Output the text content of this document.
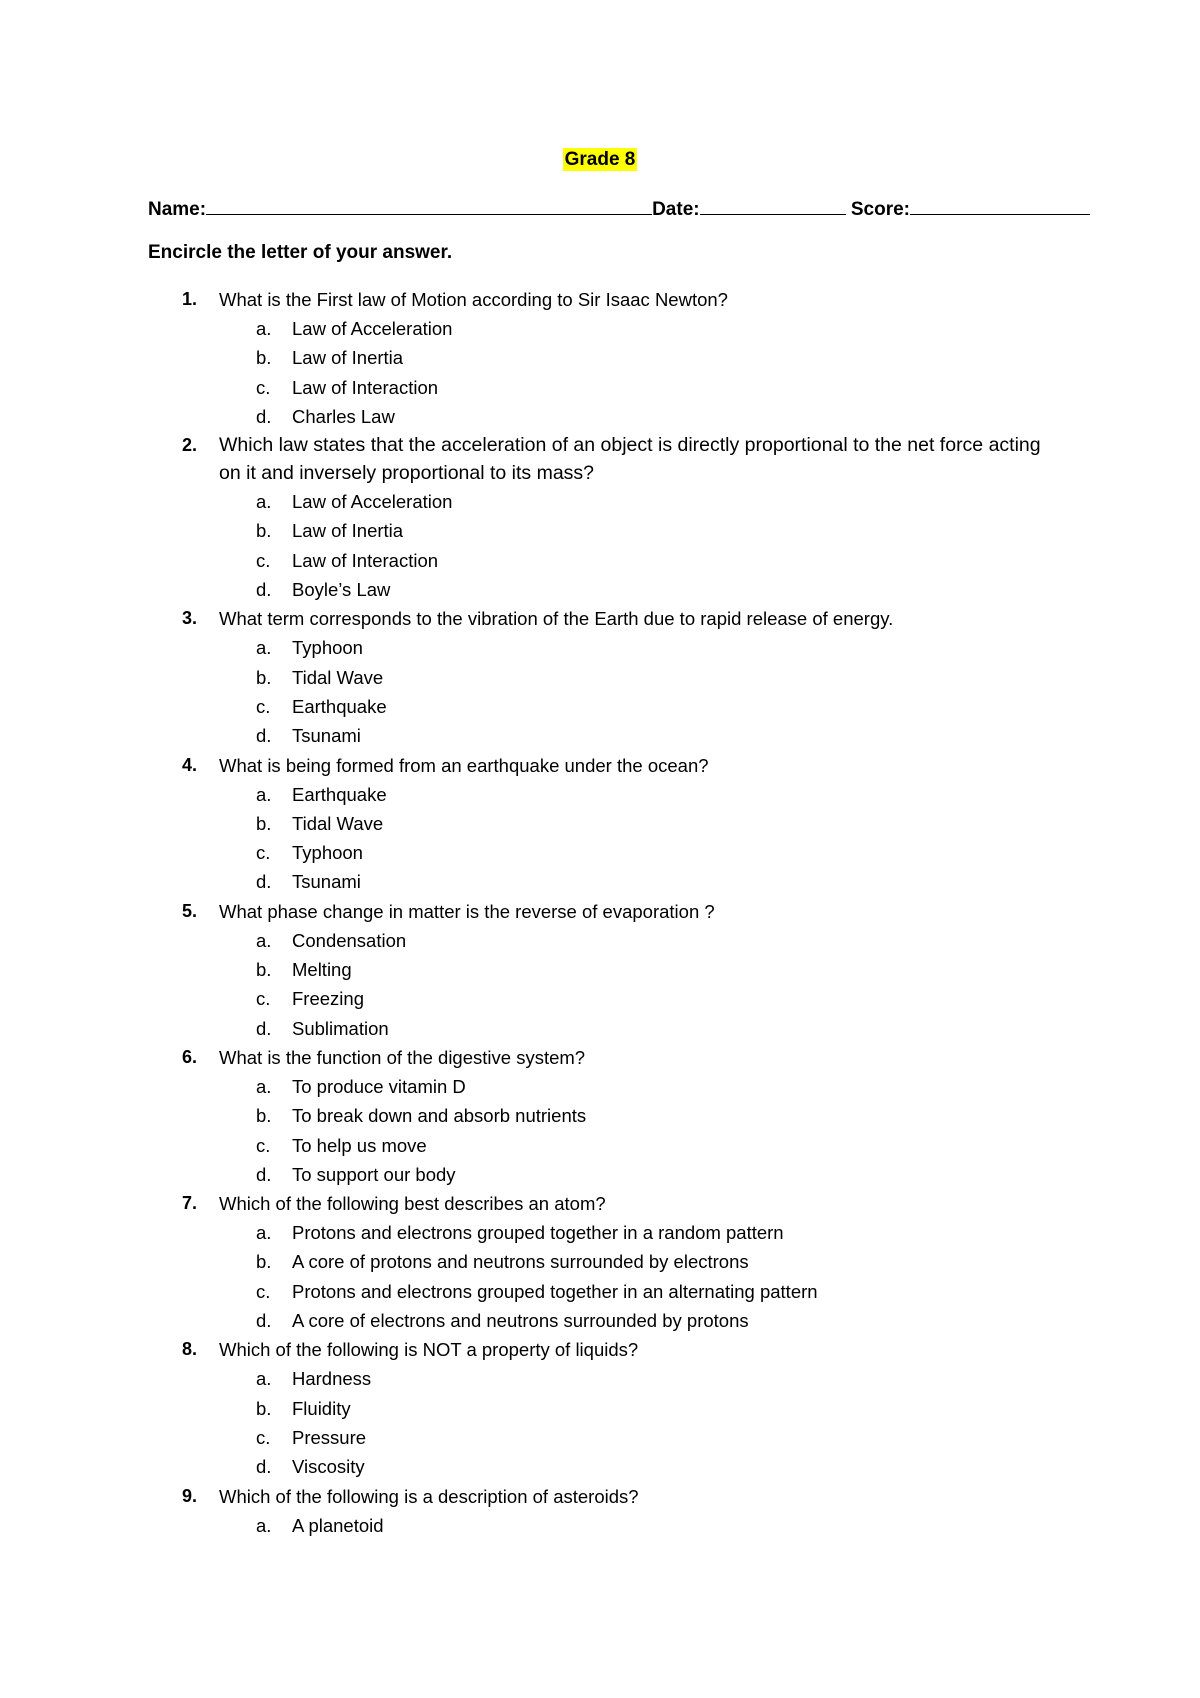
Grade 8
Name:	Date:	Score:
Encircle the letter of your answer.
1. What is the First law of Motion according to Sir Isaac Newton?
a. Law of Acceleration
b. Law of Inertia
c. Law of Interaction
d. Charles Law
2. Which law states that the acceleration of an object is directly proportional to the net force acting on it and inversely proportional to its mass?
a. Law of Acceleration
b. Law of Inertia
c. Law of Interaction
d. Boyle’s Law
3. What term corresponds to the vibration of the Earth due to rapid release of energy.
a. Typhoon
b. Tidal Wave
c. Earthquake
d. Tsunami
4. What is being formed from an earthquake under the ocean?
a. Earthquake
b. Tidal Wave
c. Typhoon
d. Tsunami
5. What phase change in matter is the reverse of evaporation ?
a. Condensation
b. Melting
c. Freezing
d. Sublimation
6. What is the function of the digestive system?
a. To produce vitamin D
b. To break down and absorb nutrients
c. To help us move
d. To support our body
7. Which of the following best describes an atom?
a. Protons and electrons grouped together in a random pattern
b. A core of protons and neutrons surrounded by electrons
c. Protons and electrons grouped together in an alternating pattern
d. A core of electrons and neutrons surrounded by protons
8. Which of the following is NOT a property of liquids?
a. Hardness
b. Fluidity
c. Pressure
d. Viscosity
9. Which of the following is a description of asteroids?
a. A planetoid
